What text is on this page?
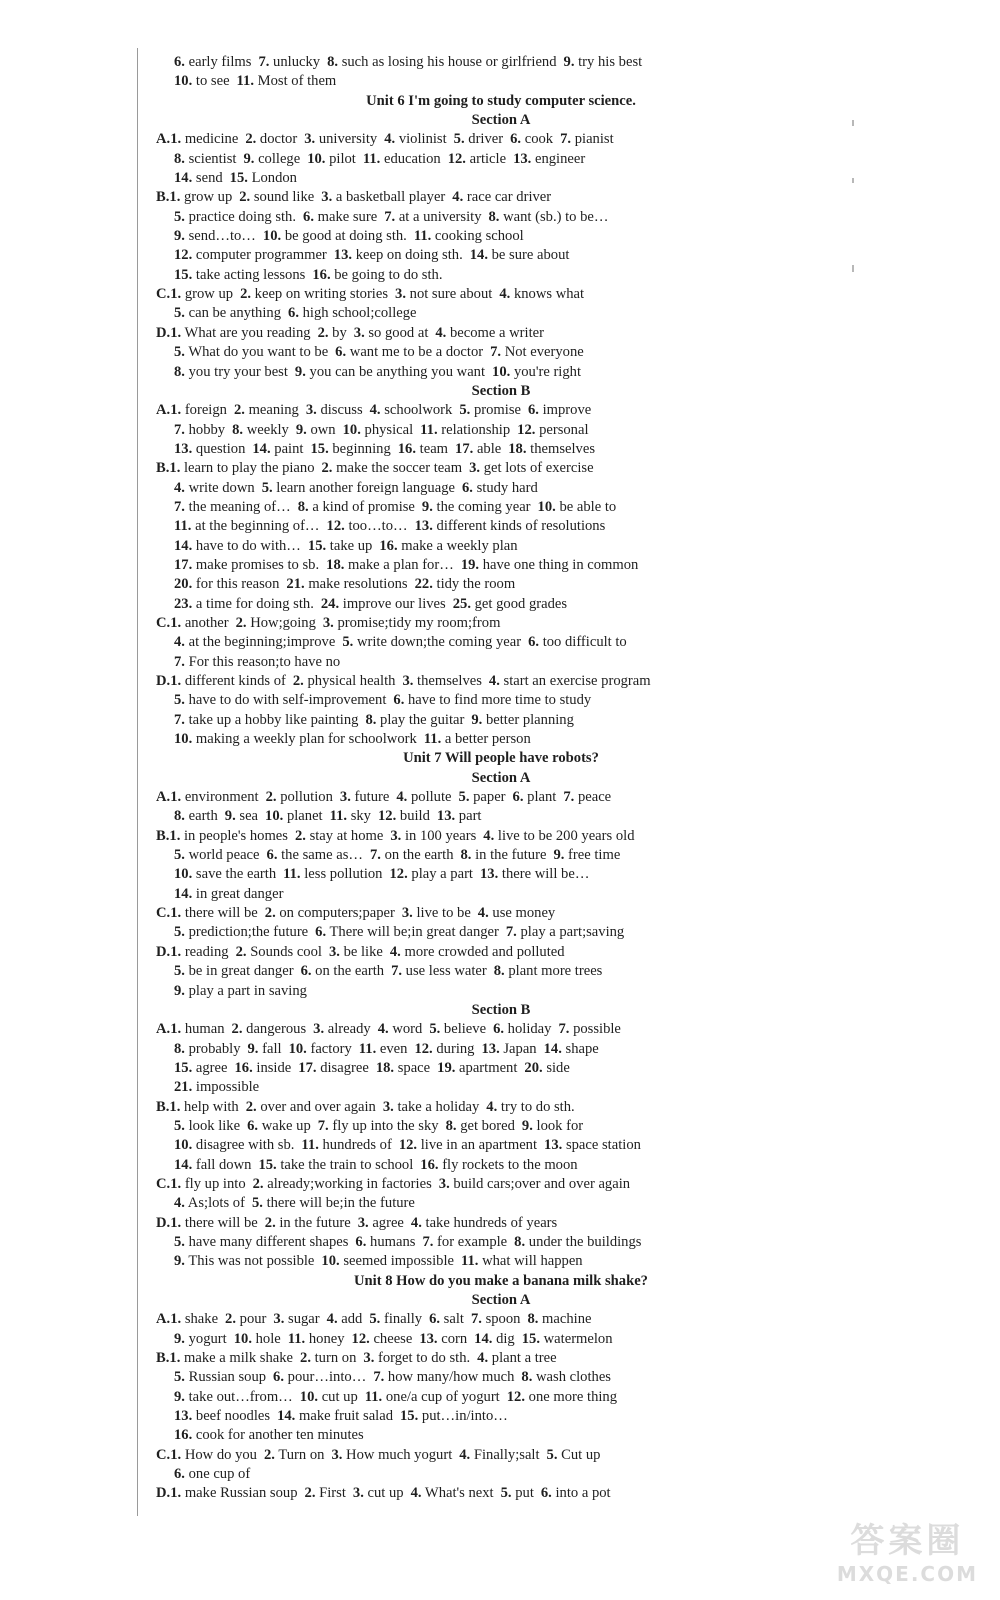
6. early films 7. unlucky 8. such as losing his house or girlfriend 9. try his best
10. to see 11. Most of them
Unit 6 I'm going to study computer science.
Section A
A.1. medicine 2. doctor 3. university 4. violinist 5. driver 6. cook 7. pianist
8. scientist 9. college 10. pilot 11. education 12. article 13. engineer
14. send 15. London
B.1. grow up 2. sound like 3. a basketball player 4. race car driver
5. practice doing sth. 6. make sure 7. at a university 8. want (sb.) to be…
9. send…to… 10. be good at doing sth. 11. cooking school
12. computer programmer 13. keep on doing sth. 14. be sure about
15. take acting lessons 16. be going to do sth.
C.1. grow up 2. keep on writing stories 3. not sure about 4. knows what
5. can be anything 6. high school;college
D.1. What are you reading 2. by 3. so good at 4. become a writer
5. What do you want to be 6. want me to be a doctor 7. Not everyone
8. you try your best 9. you can be anything you want 10. you're right
Section B
A.1. foreign 2. meaning 3. discuss 4. schoolwork 5. promise 6. improve
7. hobby 8. weekly 9. own 10. physical 11. relationship 12. personal
13. question 14. paint 15. beginning 16. team 17. able 18. themselves
B.1. learn to play the piano 2. make the soccer team 3. get lots of exercise
4. write down 5. learn another foreign language 6. study hard
7. the meaning of… 8. a kind of promise 9. the coming year 10. be able to
11. at the beginning of… 12. too…to… 13. different kinds of resolutions
14. have to do with… 15. take up 16. make a weekly plan
17. make promises to sb. 18. make a plan for… 19. have one thing in common
20. for this reason 21. make resolutions 22. tidy the room
23. a time for doing sth. 24. improve our lives 25. get good grades
C.1. another 2. How;going 3. promise;tidy my room;from
4. at the beginning;improve 5. write down;the coming year 6. too difficult to
7. For this reason;to have no
D.1. different kinds of 2. physical health 3. themselves 4. start an exercise program
5. have to do with self-improvement 6. have to find more time to study
7. take up a hobby like painting 8. play the guitar 9. better planning
10. making a weekly plan for schoolwork 11. a better person
Unit 7 Will people have robots?
Section A
A.1. environment 2. pollution 3. future 4. pollute 5. paper 6. plant 7. peace
8. earth 9. sea 10. planet 11. sky 12. build 13. part
B.1. in people's homes 2. stay at home 3. in 100 years 4. live to be 200 years old
5. world peace 6. the same as… 7. on the earth 8. in the future 9. free time
10. save the earth 11. less pollution 12. play a part 13. there will be…
14. in great danger
C.1. there will be 2. on computers;paper 3. live to be 4. use money
5. prediction;the future 6. There will be;in great danger 7. play a part;saving
D.1. reading 2. Sounds cool 3. be like 4. more crowded and polluted
5. be in great danger 6. on the earth 7. use less water 8. plant more trees
9. play a part in saving
Section B
A.1. human 2. dangerous 3. already 4. word 5. believe 6. holiday 7. possible
8. probably 9. fall 10. factory 11. even 12. during 13. Japan 14. shape
15. agree 16. inside 17. disagree 18. space 19. apartment 20. side
21. impossible
B.1. help with 2. over and over again 3. take a holiday 4. try to do sth.
5. look like 6. wake up 7. fly up into the sky 8. get bored 9. look for
10. disagree with sb. 11. hundreds of 12. live in an apartment 13. space station
14. fall down 15. take the train to school 16. fly rockets to the moon
C.1. fly up into 2. already;working in factories 3. build cars;over and over again
4. As;lots of 5. there will be;in the future
D.1. there will be 2. in the future 3. agree 4. take hundreds of years
5. have many different shapes 6. humans 7. for example 8. under the buildings
9. This was not possible 10. seemed impossible 11. what will happen
Unit 8 How do you make a banana milk shake?
Section A
A.1. shake 2. pour 3. sugar 4. add 5. finally 6. salt 7. spoon 8. machine
9. yogurt 10. hole 11. honey 12. cheese 13. corn 14. dig 15. watermelon
B.1. make a milk shake 2. turn on 3. forget to do sth. 4. plant a tree
5. Russian soup 6. pour…into… 7. how many/how much 8. wash clothes
9. take out…from… 10. cut up 11. one/a cup of yogurt 12. one more thing
13. beef noodles 14. make fruit salad 15. put…in/into…
16. cook for another ten minutes
C.1. How do you 2. Turn on 3. How much yogurt 4. Finally;salt 5. Cut up
6. one cup of
D.1. make Russian soup 2. First 3. cut up 4. What's next 5. put 6. into a pot
答案圈
MXQE.COM
